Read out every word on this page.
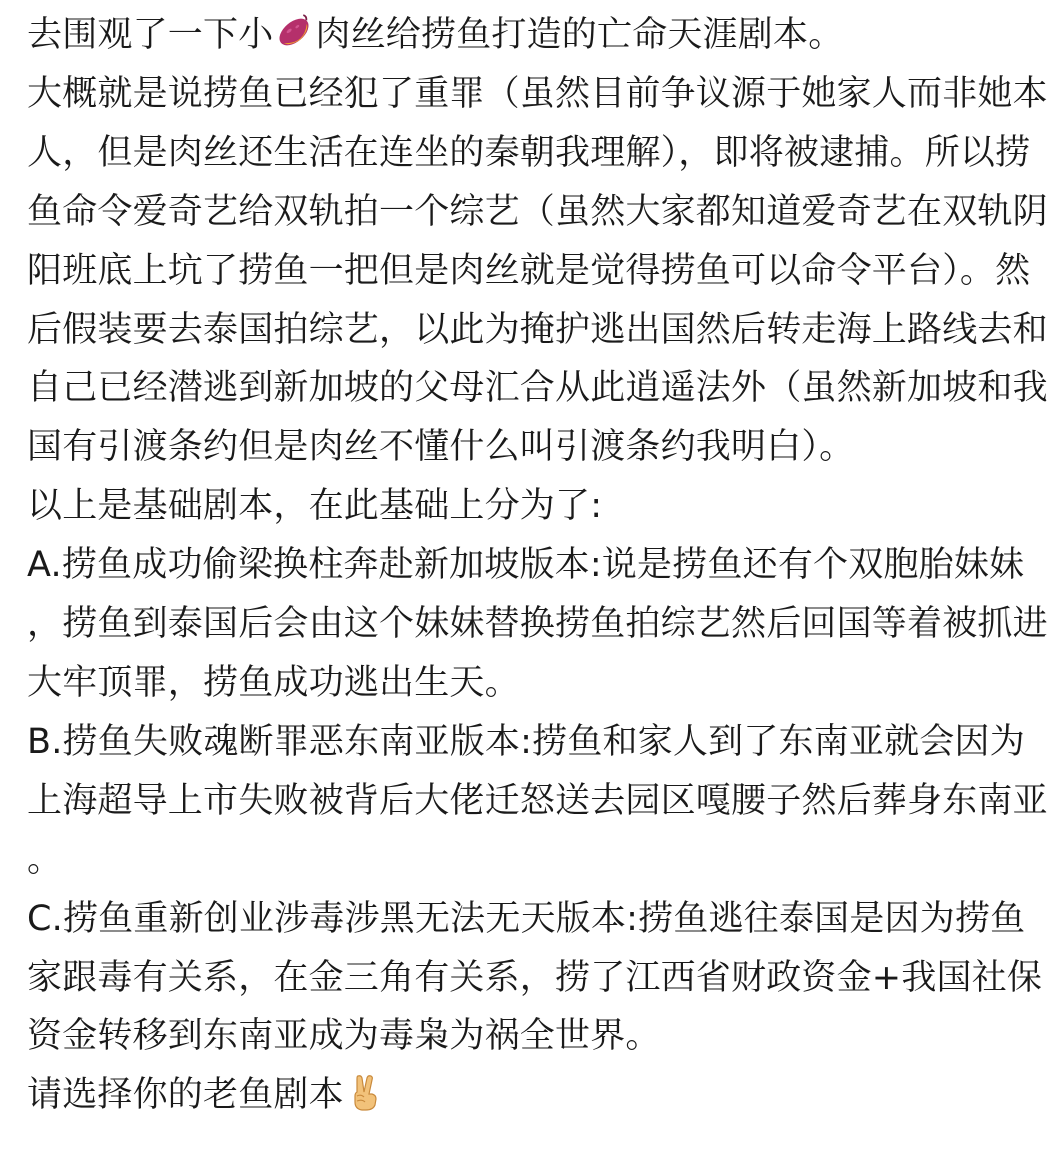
去围观了一下小 肉丝给捞鱼打造的亡命天涯剧本。

大概就是说捞鱼已经犯了重罪（虽然目前争议源于她家人而非她本人，但是肉丝还生活在连坐的秦朝我理解），即将被逮捕。所以捞鱼命令爱奇艺给双轨拍一个综艺（虽然大家都知道爱奇艺在双轨阴阳班底上坑了捞鱼一把但是肉丝就是觉得捞鱼可以命令平台）。然后假装要去泰国拍综艺，以此为掩护逃出国然后转走海上路线去和自己已经潜逃到新加坡的父母汇合从此逍遥法外（虽然新加坡和我国有引渡条约但是肉丝不懂什么叫引渡条约我明白）。

以上是基础剧本，在此基础上分为了:

A.捞鱼成功偷梁换柱奔赴新加坡版本:说是捞鱼还有个双胞胎妹妹，捞鱼到泰国后会由这个妹妹替换捞鱼拍综艺然后回国等着被抓进大牢顶罪，捞鱼成功逃出生天。

B.捞鱼失败魂断罪恶东南亚版本:捞鱼和家人到了东南亚就会因为上海超导上市失败被背后大佬迁怒送去园区嘎腰子然后葬身东南亚。

C.捞鱼重新创业涉毒涉黑无法无天版本:捞鱼逃往泰国是因为捞鱼家跟毒有关系，在金三角有关系，捞了江西省财政资金+我国社保资金转移到东南亚成为毒枭为祸全世界。

请选择你的老鱼剧本
